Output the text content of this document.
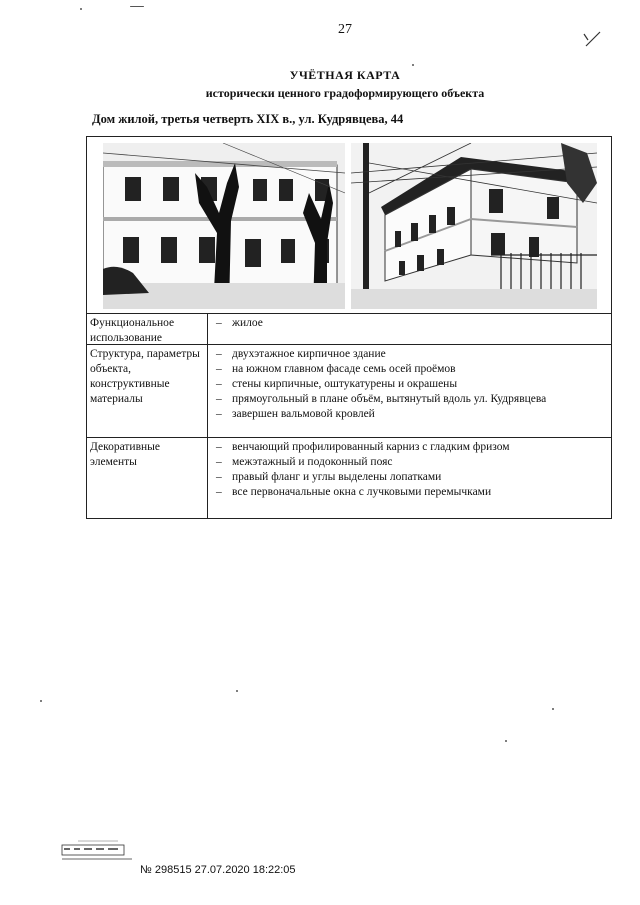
27
УЧЁТНАЯ КАРТА
исторически ценного градоформирующего объекта
Дом жилой, третья четверть XIX в., ул. Кудрявцева, 44
Функциональное использование
– жилое
Структура, параметры объекта, конструктивные материалы
– двухэтажное кирпичное здание
– на южном главном фасаде семь осей проёмов
– стены кирпичные, оштукатурены и окрашены
– прямоугольный в плане объём, вытянутый вдоль ул. Кудрявцева
– завершен вальмовой кровлей
Декоративные элементы
– венчающий профилированный карниз с гладким фризом
– межэтажный и подоконный пояс
– правый фланг и углы выделены лопатками
– все первоначальные окна с лучковыми перемычками
№ 298515 27.07.2020 18:22:05
